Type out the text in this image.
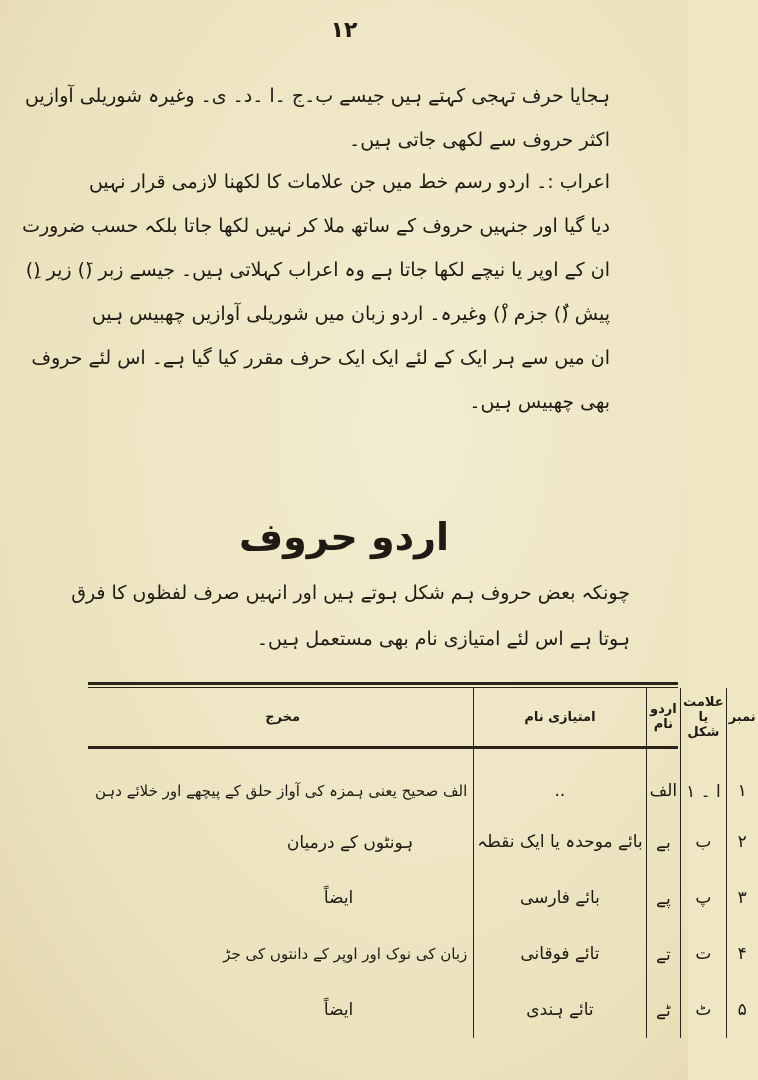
۱۲
ہجایا حرف تہجی کہتے ہیں جیسے ب۔ج ۔ا ۔د۔ ی۔ وغیرہ شوریلی آوازیں
اکثر حروف سے لکھی جاتی ہیں۔
اعراب :۔ اردو رسم خط میں جن علامات کا لکھنا لازمی قرار نہیں
دیا گیا اور جنہیں حروف کے ساتھ ملا کر نہیں لکھا جاتا بلکہ حسب ضرورت
ان کے اوپر یا نیچے لکھا جاتا ہے وہ اعراب کہلاتی ہیں۔ جیسے زبر (َ) زیر (ِ)
پیش (ُ) جزم (ْ) وغیرہ۔ اردو زبان میں شوریلی آوازیں چھبیس ہیں
ان میں سے ہر ایک کے لئے ایک ایک حرف مقرر کیا گیا ہے۔ اس لئے حروف
بھی چھبیس ہیں۔
اردو حروف
چونکہ بعض حروف ہم شکل ہوتے ہیں اور انہیں صرف لفظوں کا فرق
ہوتا ہے اس لئے امتیازی نام بھی مستعمل ہیں۔
نمبر	علامت یا شکل	اردو نام	امتیازی نام	مخرج
۱	ا ۔ ۱	الف	..	الف صحیح یعنی ہمزہ کی آواز حلق کے پیچھے اور خلائے دہن
۲	ب	بے	بائے موحدہ یا ایک نقطہ	ہونٹوں کے درمیان
۳	پ	پے	بائے فارسی	ایضاً
۴	ت	تے	تائے فوقانی	زبان کی نوک اور اوپر کے دانتوں کی جڑ
۵	ٹ	ٹے	تائے ہندی	ایضاً
